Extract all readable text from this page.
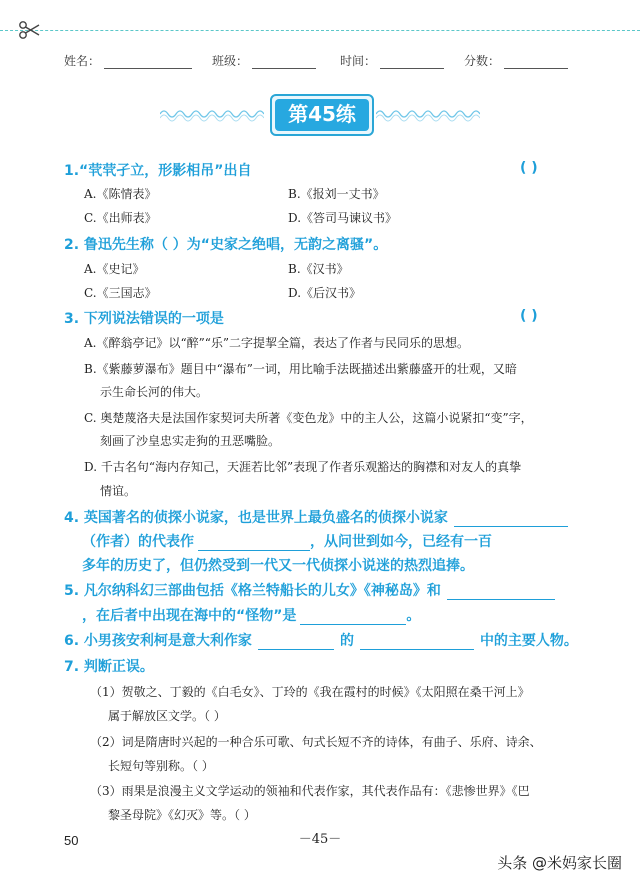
姓名：	班级：	时间：	分数：
第45练
1.“茕茕孑立，形影相吊”出自	( )
A.《陈情表》	B.《报刘一丈书》
C.《出师表》	D.《答司马谏议书》
2. 鲁迅先生称（ ）为“史家之绝唱，无韵之离骚”。
A.《史记》	B.《汉书》
C.《三国志》	D.《后汉书》
3. 下列说法错误的一项是	( )
A.《醉翁亭记》以“醉”“乐”二字提挈全篇，表达了作者与民同乐的思想。
B.《紫藤萝瀑布》题目中“瀑布”一词，用比喻手法既描述出紫藤盛开的壮观，又暗
示生命长河的伟大。
C. 奥楚蔑洛夫是法国作家契诃夫所著《变色龙》中的主人公，这篇小说紧扣“变”字，
刻画了沙皇忠实走狗的丑恶嘴脸。
D. 千古名句“海内存知己，天涯若比邻”表现了作者乐观豁达的胸襟和对友人的真挚
情谊。
4. 英国著名的侦探小说家，也是世界上最负盛名的侦探小说家
（作者）的代表作	，从问世到如今，已经有一百
多年的历史了，但仍然受到一代又一代侦探小说迷的热烈追捧。
5. 凡尔纳科幻三部曲包括《格兰特船长的儿女》《神秘岛》和
，在后者中出现在海中的“怪物”是	。
6. 小男孩安利柯是意大利作家	的	中的主要人物。
7. 判断正误。
（1）贺敬之、丁毅的《白毛女》、丁玲的《我在霞村的时候》《太阳照在桑干河上》
属于解放区文学。（ ）
（2）词是隋唐时兴起的一种合乐可歌、句式长短不齐的诗体，有曲子、乐府、诗余、
长短句等别称。（ ）
（3）雨果是浪漫主义文学运动的领袖和代表作家，其代表作品有：《悲惨世界》《巴
黎圣母院》《幻灭》等。（ ）
50	－45－
头条 @米妈家长圈
